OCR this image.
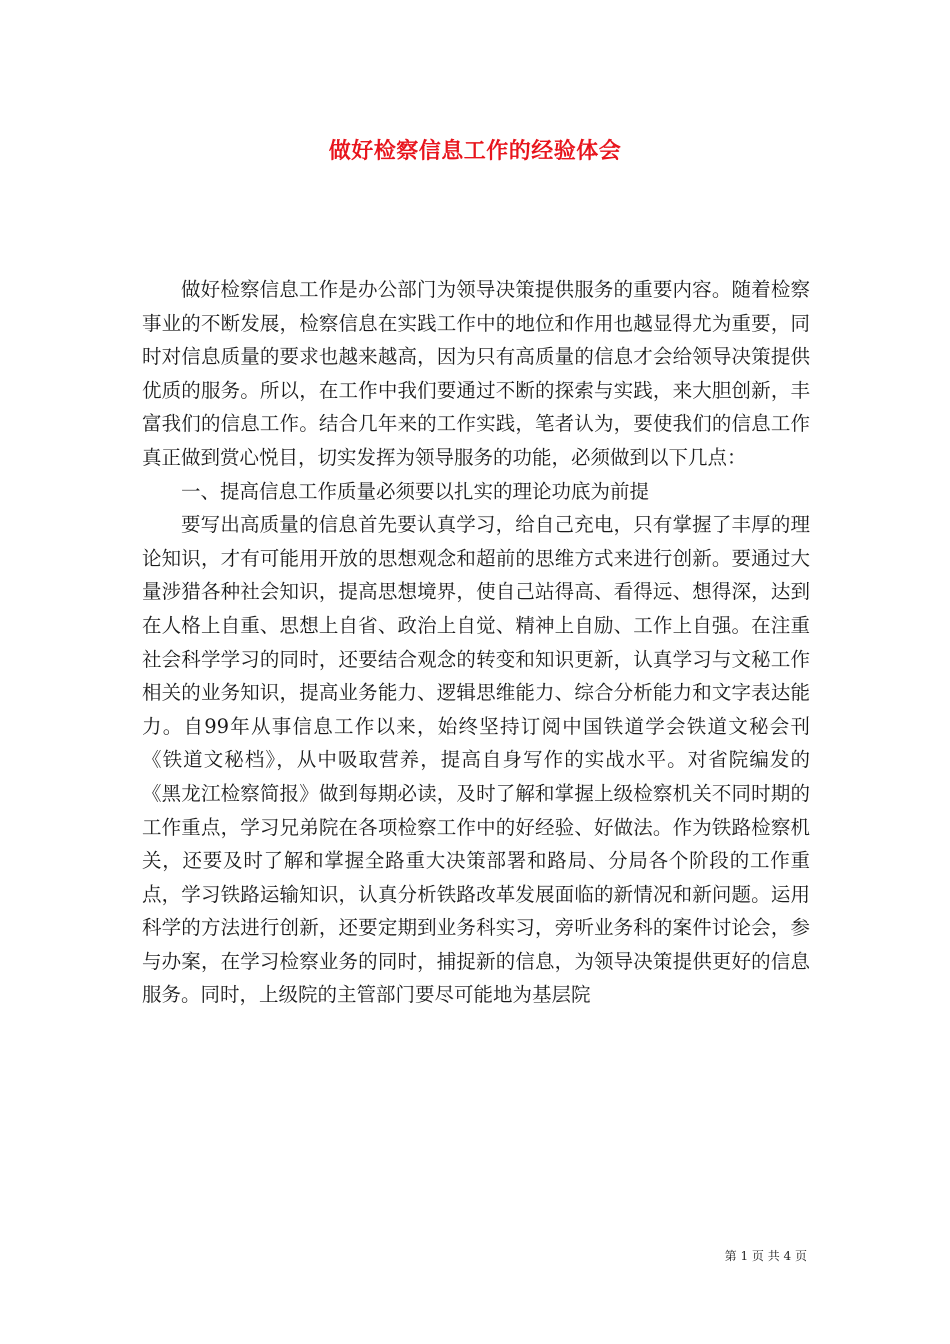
做好检察信息工作的经验体会

做好检察信息工作是办公部门为领导决策提供服务的重要内容。随着检察事业的不断发展，检察信息在实践工作中的地位和作用也越显得尤为重要，同时对信息质量的要求也越来越高，因为只有高质量的信息才会给领导决策提供优质的服务。所以，在工作中我们要通过不断的探索与实践，来大胆创新，丰富我们的信息工作。结合几年来的工作实践，笔者认为，要使我们的信息工作真正做到赏心悦目，切实发挥为领导服务的功能，必须做到以下几点：

一、提高信息工作质量必须要以扎实的理论功底为前提

要写出高质量的信息首先要认真学习，给自己充电，只有掌握了丰厚的理论知识，才有可能用开放的思想观念和超前的思维方式来进行创新。要通过大量涉猎各种社会知识，提高思想境界，使自己站得高、看得远、想得深，达到在人格上自重、思想上自省、政治上自觉、精神上自励、工作上自强。在注重社会科学学习的同时，还要结合观念的转变和知识更新，认真学习与文秘工作相关的业务知识，提高业务能力、逻辑思维能力、综合分析能力和文字表达能力。自99年从事信息工作以来，始终坚持订阅中国铁道学会铁道文秘会刊《铁道文秘档》，从中吸取营养，提高自身写作的实战水平。对省院编发的《黑龙江检察简报》做到每期必读，及时了解和掌握上级检察机关不同时期的工作重点，学习兄弟院在各项检察工作中的好经验、好做法。作为铁路检察机关，还要及时了解和掌握全路重大决策部署和路局、分局各个阶段的工作重点，学习铁路运输知识，认真分析铁路改革发展面临的新情况和新问题。运用科学的方法进行创新，还要定期到业务科实习，旁听业务科的案件讨论会，参与办案，在学习检察业务的同时，捕捉新的信息，为领导决策提供更好的信息服务。同时，上级院的主管部门要尽可能地为基层院

第 1 页 共 4 页
